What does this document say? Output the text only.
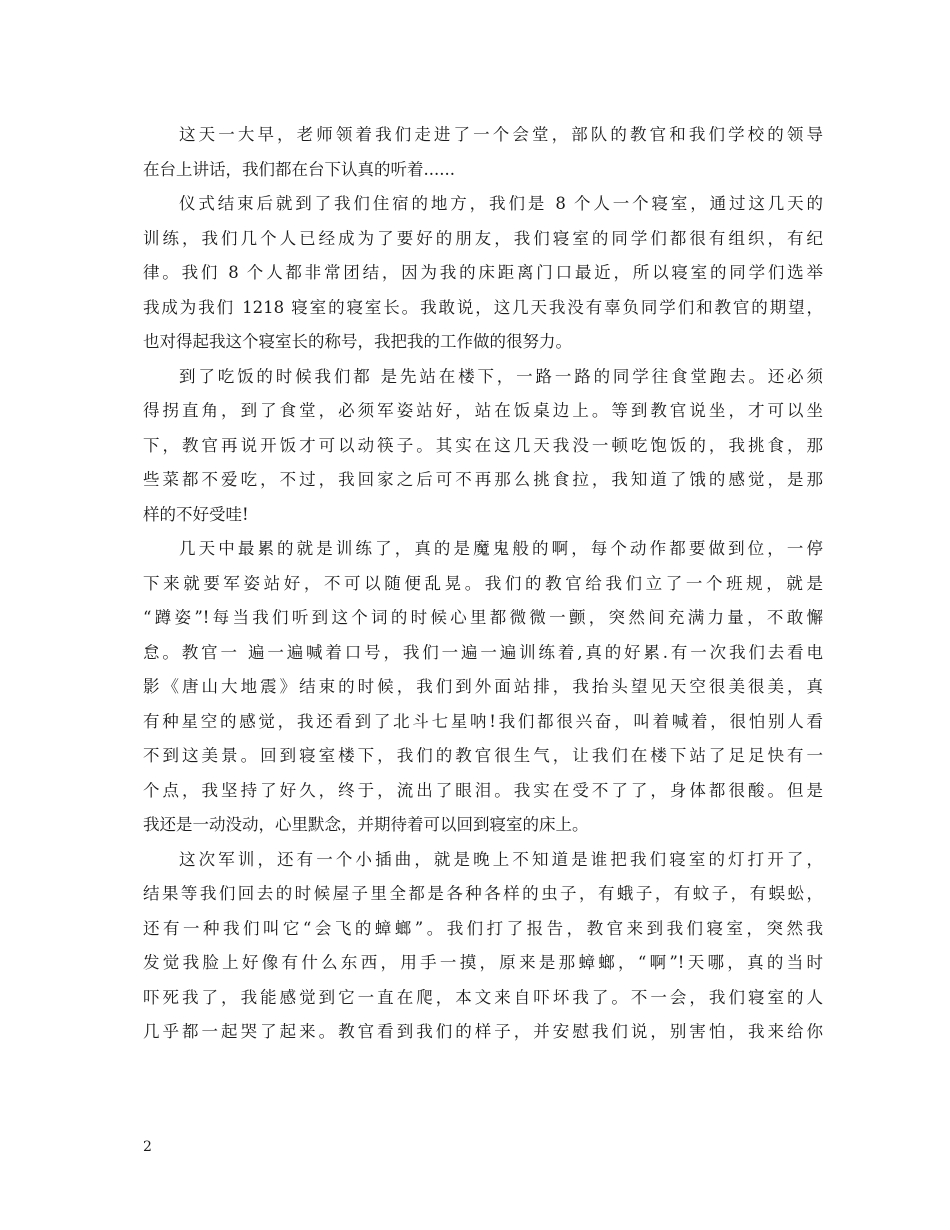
这天一大早，老师领着我们走进了一个会堂，部队的教官和我们学校的领导
在台上讲话，我们都在台下认真的听着......
仪式结束后就到了我们住宿的地方，我们是 8 个人一个寝室，通过这几天的
训练，我们几个人已经成为了要好的朋友，我们寝室的同学们都很有组织，有纪
律。我们 8 个人都非常团结，因为我的床距离门口最近，所以寝室的同学们选举
我成为我们 1218 寝室的寝室长。我敢说，这几天我没有辜负同学们和教官的期望，
也对得起我这个寝室长的称号，我把我的工作做的很努力。
到了吃饭的时候我们都 是先站在楼下，一路一路的同学往食堂跑去。还必须
得拐直角，到了食堂，必须军姿站好，站在饭桌边上。等到教官说坐，才可以坐
下，教官再说开饭才可以动筷子。其实在这几天我没一顿吃饱饭的，我挑食，那
些菜都不爱吃，不过，我回家之后可不再那么挑食拉，我知道了饿的感觉，是那
样的不好受哇!
几天中最累的就是训练了，真的是魔鬼般的啊，每个动作都要做到位，一停
下来就要军姿站好，不可以随便乱晃。我们的教官给我们立了一个班规，就是
“蹲姿”!每当我们听到这个词的时候心里都微微一颤，突然间充满力量，不敢懈
怠。教官一 遍一遍喊着口号，我们一遍一遍训练着,真的好累.有一次我们去看电
影《唐山大地震》结束的时候，我们到外面站排，我抬头望见天空很美很美，真
有种星空的感觉，我还看到了北斗七星呐!我们都很兴奋，叫着喊着，很怕别人看
不到这美景。回到寝室楼下，我们的教官很生气，让我们在楼下站了足足快有一
个点，我坚持了好久，终于，流出了眼泪。我实在受不了了，身体都很酸。但是
我还是一动没动，心里默念，并期待着可以回到寝室的床上。
这次军训，还有一个小插曲，就是晚上不知道是谁把我们寝室的灯打开了，
结果等我们回去的时候屋子里全都是各种各样的虫子，有蛾子，有蚊子，有蜈蚣，
还有一种我们叫它“会飞的蟑螂”。我们打了报告，教官来到我们寝室，突然我
发觉我脸上好像有什么东西，用手一摸，原来是那蟑螂，“啊”!天哪，真的当时
吓死我了，我能感觉到它一直在爬，本文来自吓坏我了。不一会，我们寝室的人
几乎都一起哭了起来。教官看到我们的样子，并安慰我们说，别害怕，我来给你
2
